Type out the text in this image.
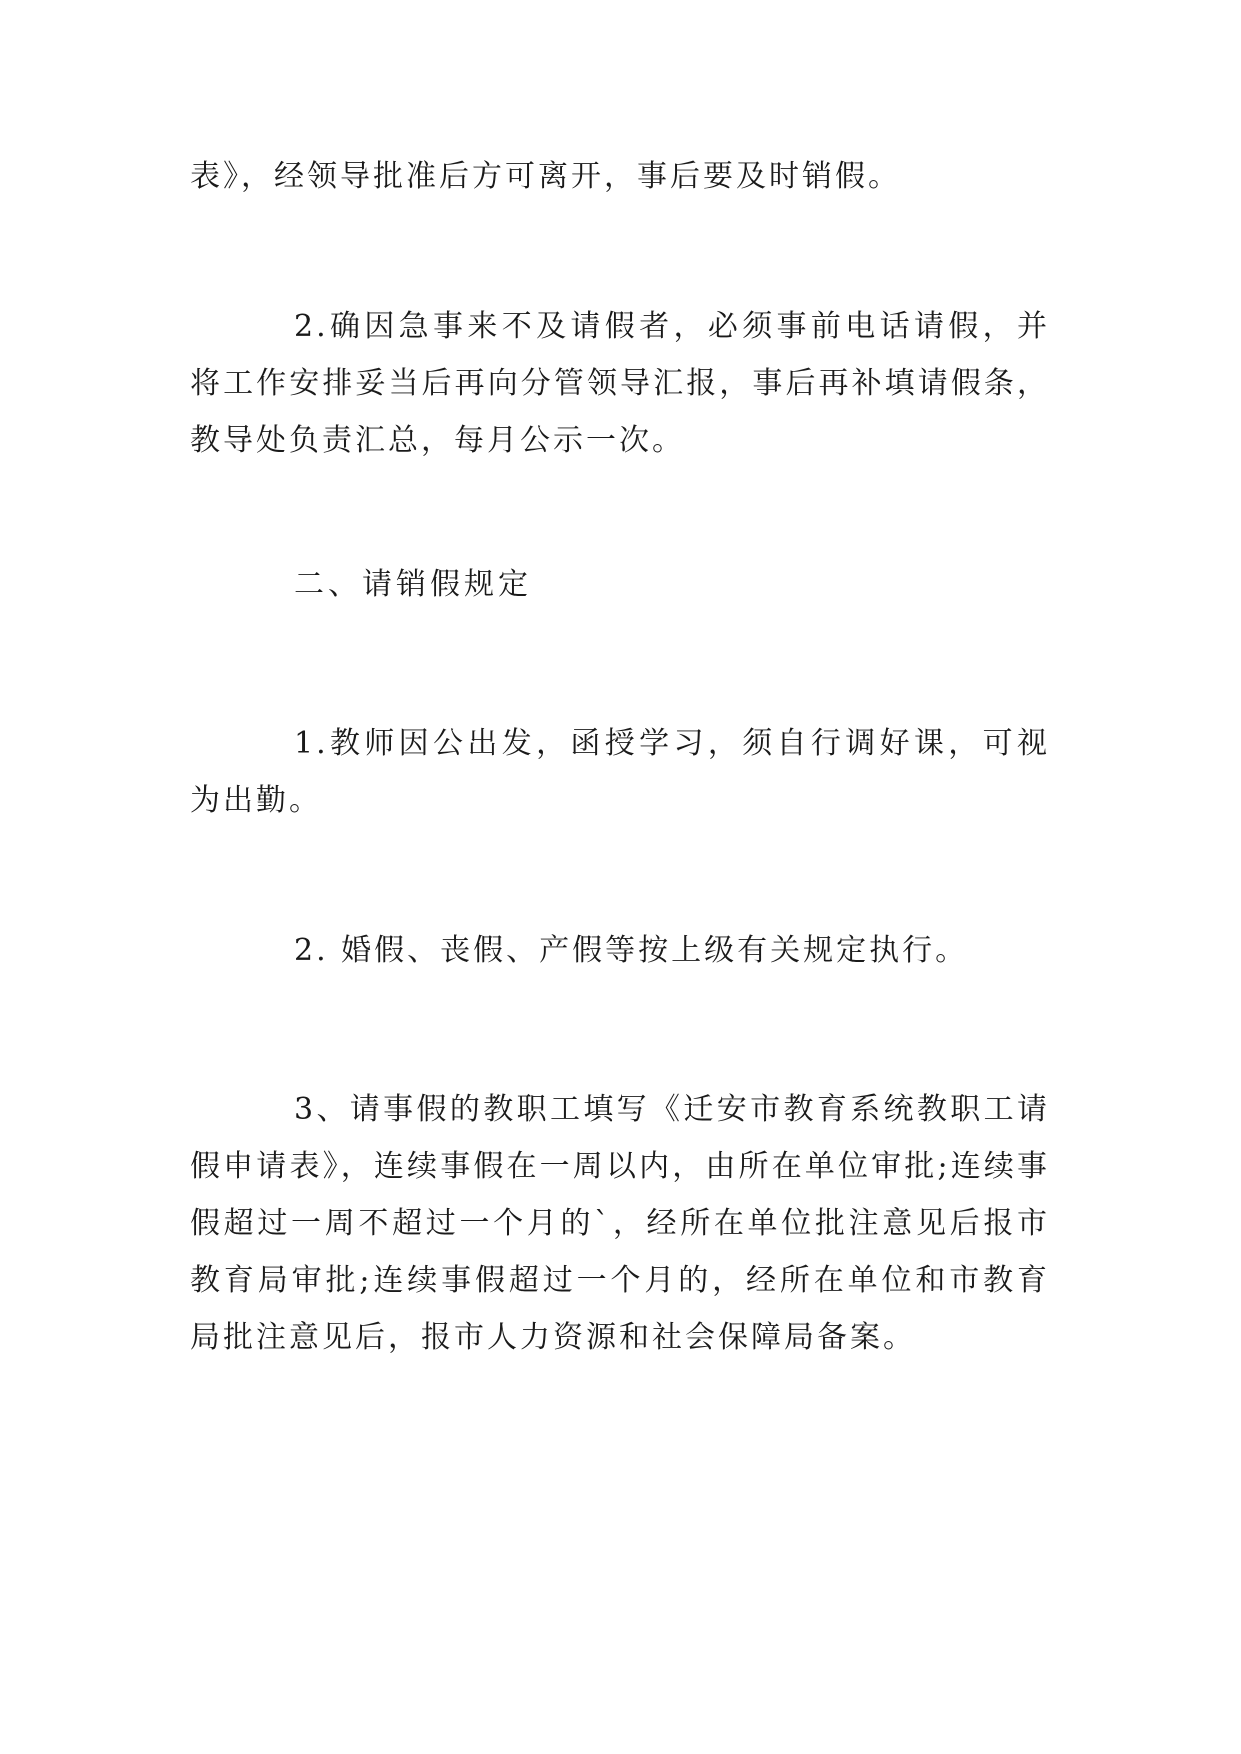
表》，经领导批准后方可离开，事后要及时销假。

2.确因急事来不及请假者，必须事前电话请假，并将工作安排妥当后再向分管领导汇报，事后再补填请假条，教导处负责汇总，每月公示一次。

二、请销假规定

1.教师因公出发，函授学习，须自行调好课，可视为出勤。

2. 婚假、丧假、产假等按上级有关规定执行。

3、请事假的教职工填写《迁安市教育系统教职工请假申请表》，连续事假在一周以内，由所在单位审批;连续事假超过一周不超过一个月的`，经所在单位批注意见后报市教育局审批;连续事假超过一个月的，经所在单位和市教育局批注意见后，报市人力资源和社会保障局备案。
